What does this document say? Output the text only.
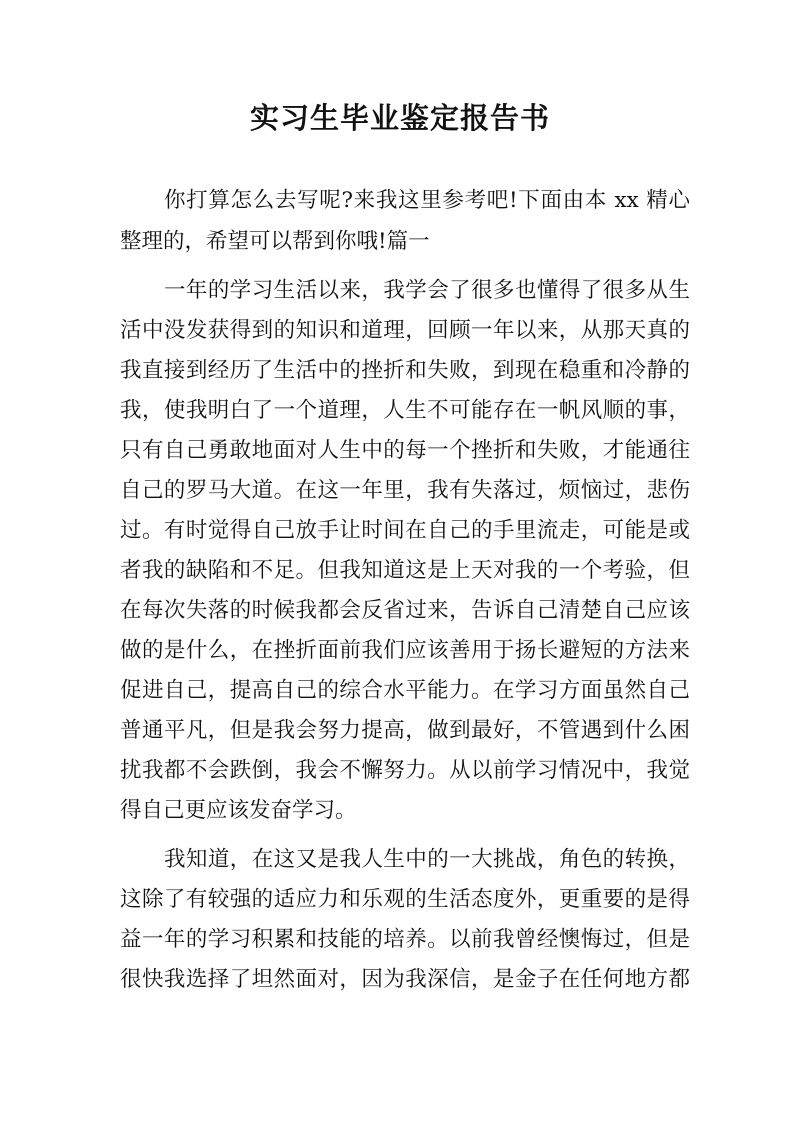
实习生毕业鉴定报告书
你打算怎么去写呢?来我这里参考吧!下面由本 xx 精心
整理的，希望可以帮到你哦!篇一
一年的学习生活以来，我学会了很多也懂得了很多从生
活中没发获得到的知识和道理，回顾一年以来，从那天真的
我直接到经历了生活中的挫折和失败，到现在稳重和冷静的
我，使我明白了一个道理，人生不可能存在一帆风顺的事，
只有自己勇敢地面对人生中的每一个挫折和失败，才能通往
自己的罗马大道。在这一年里，我有失落过，烦恼过，悲伤
过。有时觉得自己放手让时间在自己的手里流走，可能是或
者我的缺陷和不足。但我知道这是上天对我的一个考验，但
在每次失落的时候我都会反省过来，告诉自己清楚自己应该
做的是什么，在挫折面前我们应该善用于扬长避短的方法来
促进自己，提高自己的综合水平能力。在学习方面虽然自己
普通平凡，但是我会努力提高，做到最好，不管遇到什么困
扰我都不会跌倒，我会不懈努力。从以前学习情况中，我觉
得自己更应该发奋学习。
我知道，在这又是我人生中的一大挑战，角色的转换，
这除了有较强的适应力和乐观的生活态度外，更重要的是得
益一年的学习积累和技能的培养。以前我曾经懊悔过，但是
很快我选择了坦然面对，因为我深信，是金子在任何地方都
